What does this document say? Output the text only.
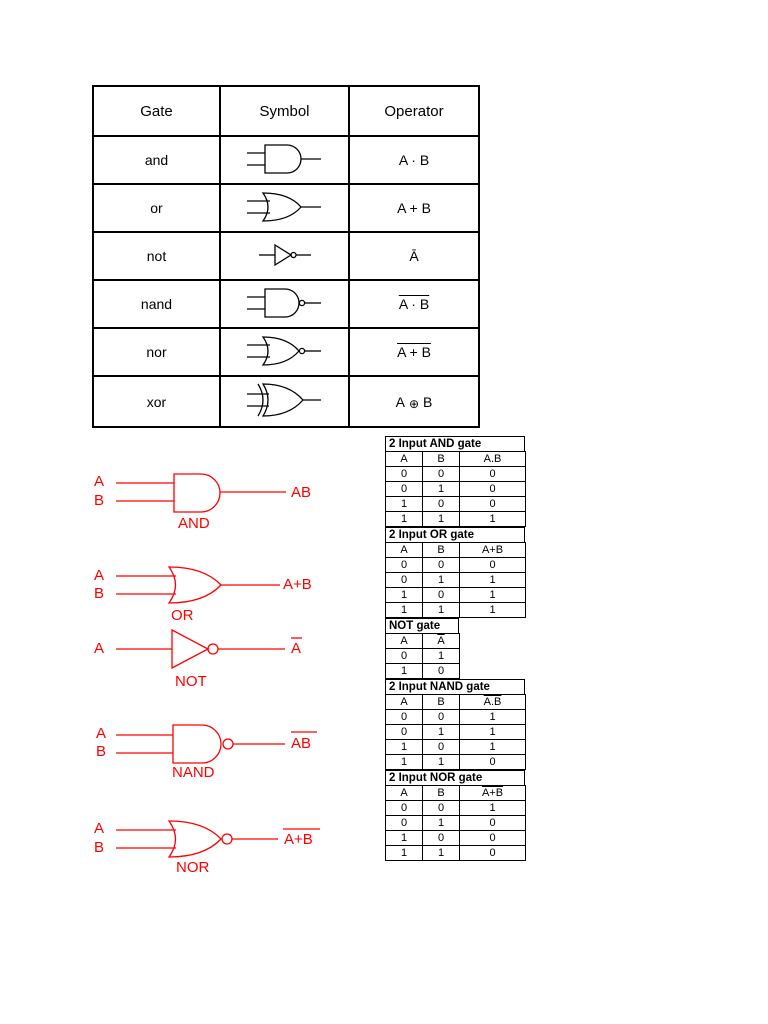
Gate	Symbol	Operator
and		A · B
or		A + B
not		Ā
nand		A · B
nor		A + B
xor		A ⊕ B
A
B	AB
AND
A
B
A+B
OR
A	A
NOT
A
B	AB
NAND
A
B	A+B
NOR
2 Input AND gate
A	B	A.B
0	0	0
0	1	0
1	0	0
1	1	1
2 Input OR gate
A	B	A+B
0	0	0
0	1	1
1	0	1
1	1	1
NOT gate
A	$\overline{A}$
0	1
1	0
2 Input NAND gate
A	B	A.B
0	0	1
0	1	1
1	0	1
1	1	0
2 Input NOR gate
A	B	A+B
0	0	1
0	1	0
1	0	0
1	1	0
